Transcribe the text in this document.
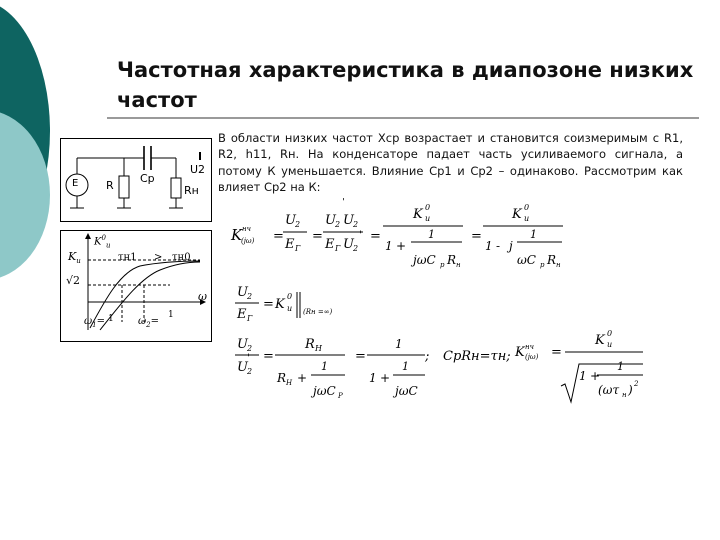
Частотная характеристика в диапозоне низких частот
В области низких частот Xср возрастает и становится соизмеримым с R1, R2, h11, Rн. На конденсаторе падает часть усиливаемого сигнала, а потому К уменьшается. Влияние Ср1 и Ср2 – одинаково. Рассмотрим как влияет Ср2 на К:
E	R
Cp
U2
Rн
$K^0_и$
$K_и$
√2
τн1 > τн0
ω
$\omega_1=$	$\omega_2=$
1	1
K нч
(jω) =
U 2
E Г
=
'
U 2 U 2
E Г U 2
' =
K и
0
1 +
1
jωC р R н
=
K и
0
1 - j
1
ωC р R н
'
U 2
E Г
= K и
0
(Rн =∞)
U 2
U 2
' =
R Н
R Н +
1
jωC Р
=
1
1 +
1
jωC
; CрRн=τн; K нч
(jω) =
K и
0
1 +
1
(ωτ н ) 2
